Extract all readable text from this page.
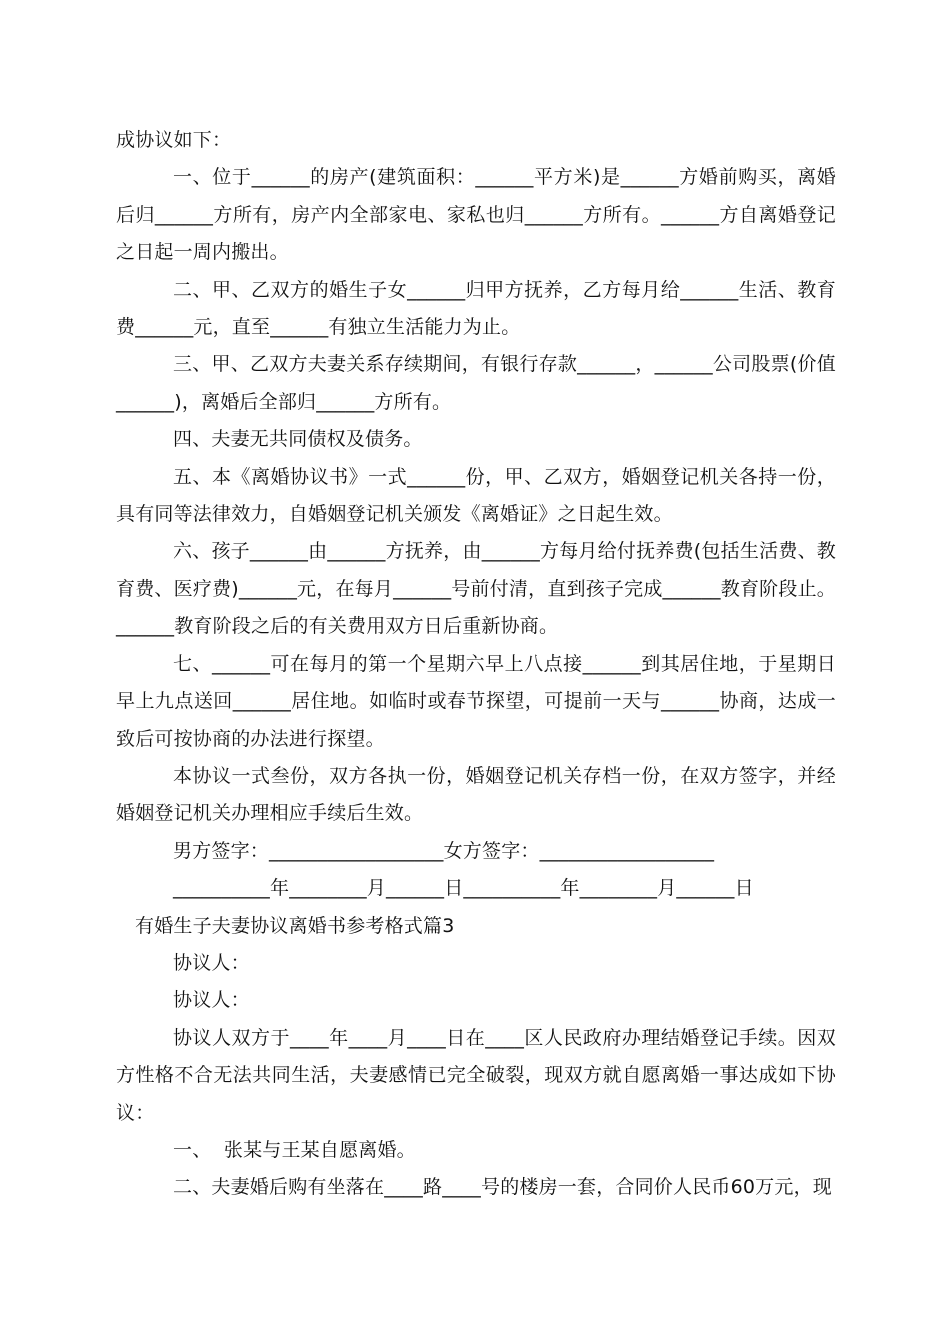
成协议如下：

一、位于______的房产(建筑面积：______平方米)是______方婚前购买，离婚后归______方所有，房产内全部家电、家私也归______方所有。______方自离婚登记之日起一周内搬出。

二、甲、乙双方的婚生子女______归甲方抚养，乙方每月给______生活、教育费______元，直至______有独立生活能力为止。

三、甲、乙双方夫妻关系存续期间，有银行存款______，______公司股票(价值______)，离婚后全部归______方所有。

四、夫妻无共同债权及债务。

五、本《离婚协议书》一式______份，甲、乙双方，婚姻登记机关各持一份，具有同等法律效力，自婚姻登记机关颁发《离婚证》之日起生效。

六、孩子______由______方抚养，由______方每月给付抚养费(包括生活费、教育费、医疗费)______元，在每月______号前付清，直到孩子完成______教育阶段止。______教育阶段之后的有关费用双方日后重新协商。

七、______可在每月的第一个星期六早上八点接______到其居住地，于星期日早上九点送回______居住地。如临时或春节探望，可提前一天与______协商，达成一致后可按协商的办法进行探望。

本协议一式叁份，双方各执一份，婚姻登记机关存档一份，在双方签字，并经婚姻登记机关办理相应手续后生效。

男方签字：__________________女方签字：__________________

__________年________月______日__________年________月______日

有婚生子夫妻协议离婚书参考格式篇3

协议人：

协议人：

协议人双方于____年____月____日在____区人民政府办理结婚登记手续。因双方性格不合无法共同生活，夫妻感情已完全破裂，现双方就自愿离婚一事达成如下协议：

一、  张某与王某自愿离婚。

二、夫妻婚后购有坐落在____路____号的楼房一套，合同价人民币60万元，现
